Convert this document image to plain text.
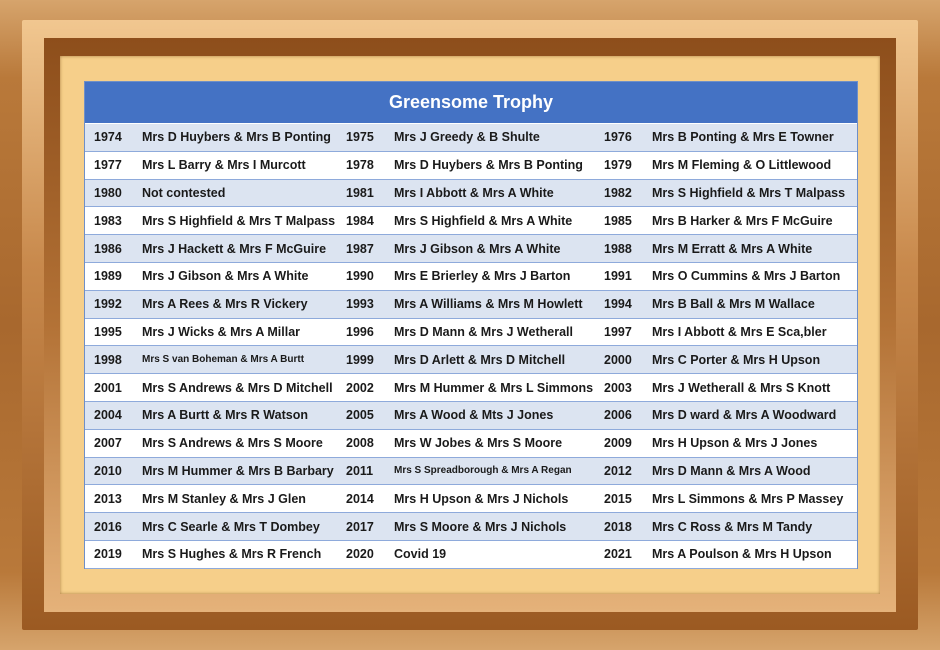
Greensome Trophy
1974 Mrs D Huybers & Mrs B Ponting 1975 Mrs J Greedy & B Shulte	1976 Mrs B Ponting & Mrs E Towner
1977 Mrs L Barry & Mrs I Murcott	1978 Mrs D Huybers & Mrs B Ponting 1979 Mrs M Fleming & O Littlewood
1980 Not contested	1981 Mrs I Abbott & Mrs A White	1982 Mrs S Highfield & Mrs T Malpass
1983 Mrs S Highfield & Mrs T Malpass 1984 Mrs S Highfield & Mrs A White	1985 Mrs B Harker & Mrs F McGuire
1986 Mrs J Hackett & Mrs F McGuire 1987 Mrs J Gibson & Mrs A White	1988 Mrs M Erratt & Mrs A White
1989 Mrs J Gibson & Mrs A White	1990 Mrs E Brierley & Mrs J Barton	1991 Mrs O Cummins & Mrs J Barton
1992 Mrs A Rees & Mrs R Vickery	1993 Mrs A Williams & Mrs M Howlett 1994 Mrs B Ball & Mrs M Wallace
1995 Mrs J Wicks & Mrs A Millar	1996 Mrs D Mann & Mrs J Wetherall 1997 Mrs I Abbott & Mrs E Sca,bler
1998 Mrs S van Boheman & Mrs A Burtt	1999 Mrs D Arlett & Mrs D Mitchell	2000 Mrs C Porter & Mrs H Upson
2001 Mrs S Andrews & Mrs D Mitchell 2002 Mrs M Hummer & Mrs L Simmons 2003 Mrs J Wetherall & Mrs S Knott
2004 Mrs A Burtt & Mrs R Watson	2005 Mrs A Wood & Mts J Jones	2006 Mrs D ward & Mrs A Woodward
2007 Mrs S Andrews & Mrs S Moore 2008 Mrs W Jobes & Mrs S Moore	2009 Mrs H Upson & Mrs J Jones
2010 Mrs M Hummer & Mrs B Barbary 2011 Mrs S Spreadborough & Mrs A Regan	2012 Mrs D Mann & Mrs A Wood
2013 Mrs M Stanley & Mrs J Glen	2014 Mrs H Upson & Mrs J Nichols	2015 Mrs L Simmons & Mrs P Massey
2016 Mrs C Searle & Mrs T Dombey 2017 Mrs S Moore & Mrs J Nichols	2018 Mrs C Ross & Mrs M Tandy
2019 Mrs S Hughes & Mrs R French 2020 Covid 19	2021 Mrs A Poulson & Mrs H Upson
